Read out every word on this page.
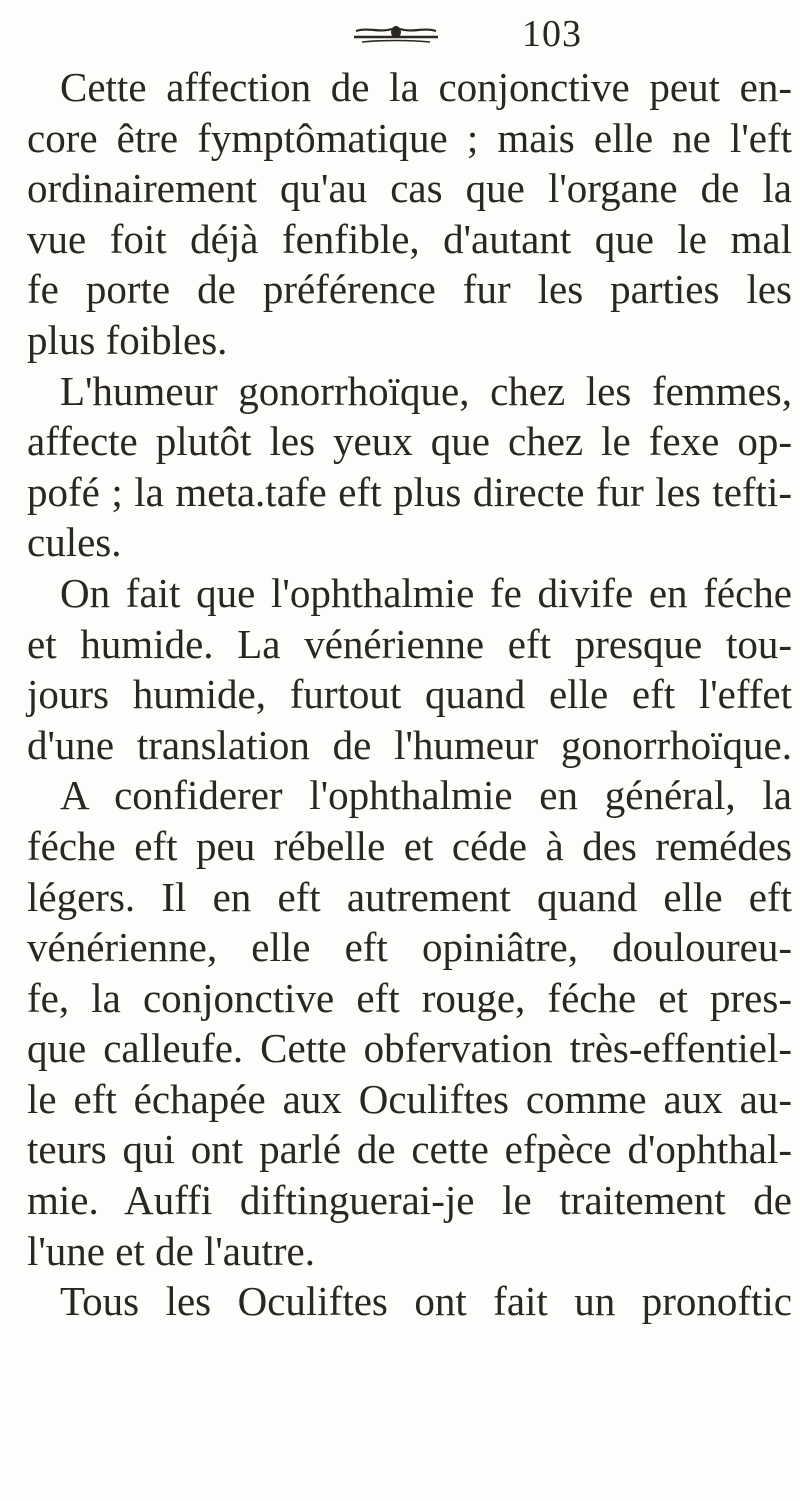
103
Cette affection de la conjonctive peut en-
core être fymptômatique ; mais elle ne l'eft
ordinairement qu'au cas que l'organe de la
vue foit déjà fenfible, d'autant que le mal
fe porte de préférence fur les parties les
plus foibles.
L'humeur gonorrhoïque, chez les femmes,
affecte plutôt les yeux que chez le fexe op-
pofé ; la meta.tafe eft plus directe fur les tefti-
cules.
On fait que l'ophthalmie fe divife en féche
et humide. La vénérienne eft presque tou-
jours humide, furtout quand elle eft l'effet
d'une translation de l'humeur gonorrhoïque.
A confiderer l'ophthalmie en général, la
féche eft peu rébelle et céde à des remédes
légers. Il en eft autrement quand elle eft
vénérienne, elle eft opiniâtre, douloureu-
fe, la conjonctive eft rouge, féche et pres-
que calleufe. Cette obfervation très-effentiel-
le eft échapée aux Oculiftes comme aux au-
teurs qui ont parlé de cette efpèce d'ophthal-
mie. Auffi diftinguerai-je le traitement de
l'une et de l'autre.
Tous les Oculiftes ont fait un pronoftic
